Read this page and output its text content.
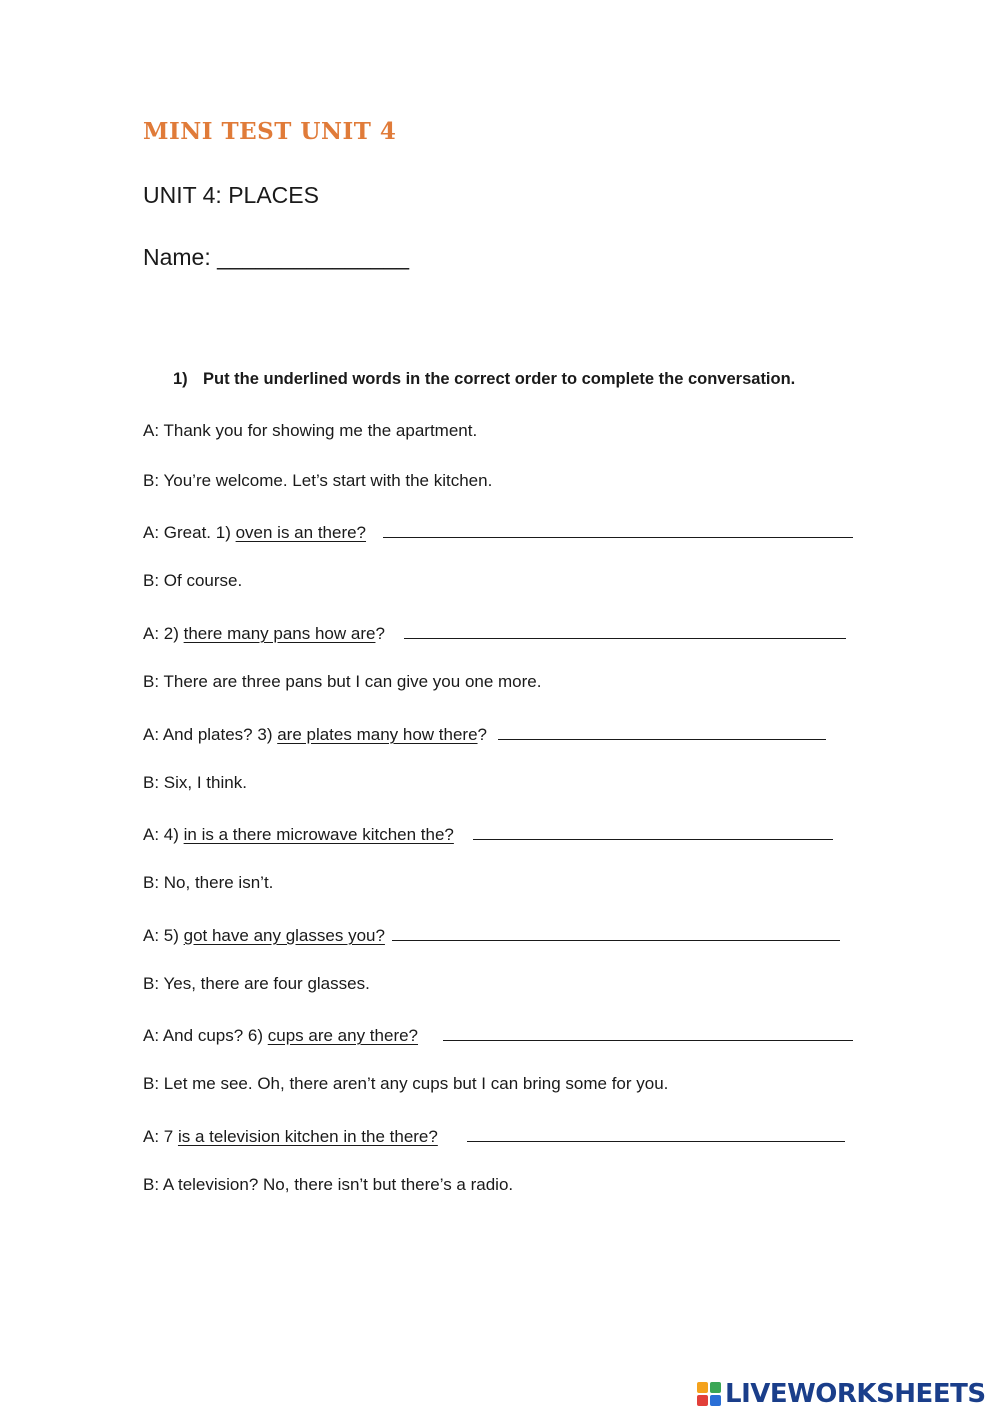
MINI TEST UNIT 4
UNIT 4: PLACES
Name: _______________
1) Put the underlined words in the correct order to complete the conversation.
A: Thank you for showing me the apartment.
B: You’re welcome. Let’s start with the kitchen.
A: Great. 1) oven is an there?
B: Of course.
A: 2) there many pans how are?
B: There are three pans but I can give you one more.
A: And plates? 3) are plates many how there?
B: Six, I think.
A: 4) in is a there microwave kitchen the?
B: No, there isn’t.
A: 5) got have any glasses you?
B: Yes, there are four glasses.
A: And cups? 6) cups are any there?
B: Let me see. Oh, there aren’t any cups but I can bring some for you.
A: 7 is a television kitchen in the there?
B: A television? No, there isn’t but there’s a radio.
LIVEWORKSHEETS
